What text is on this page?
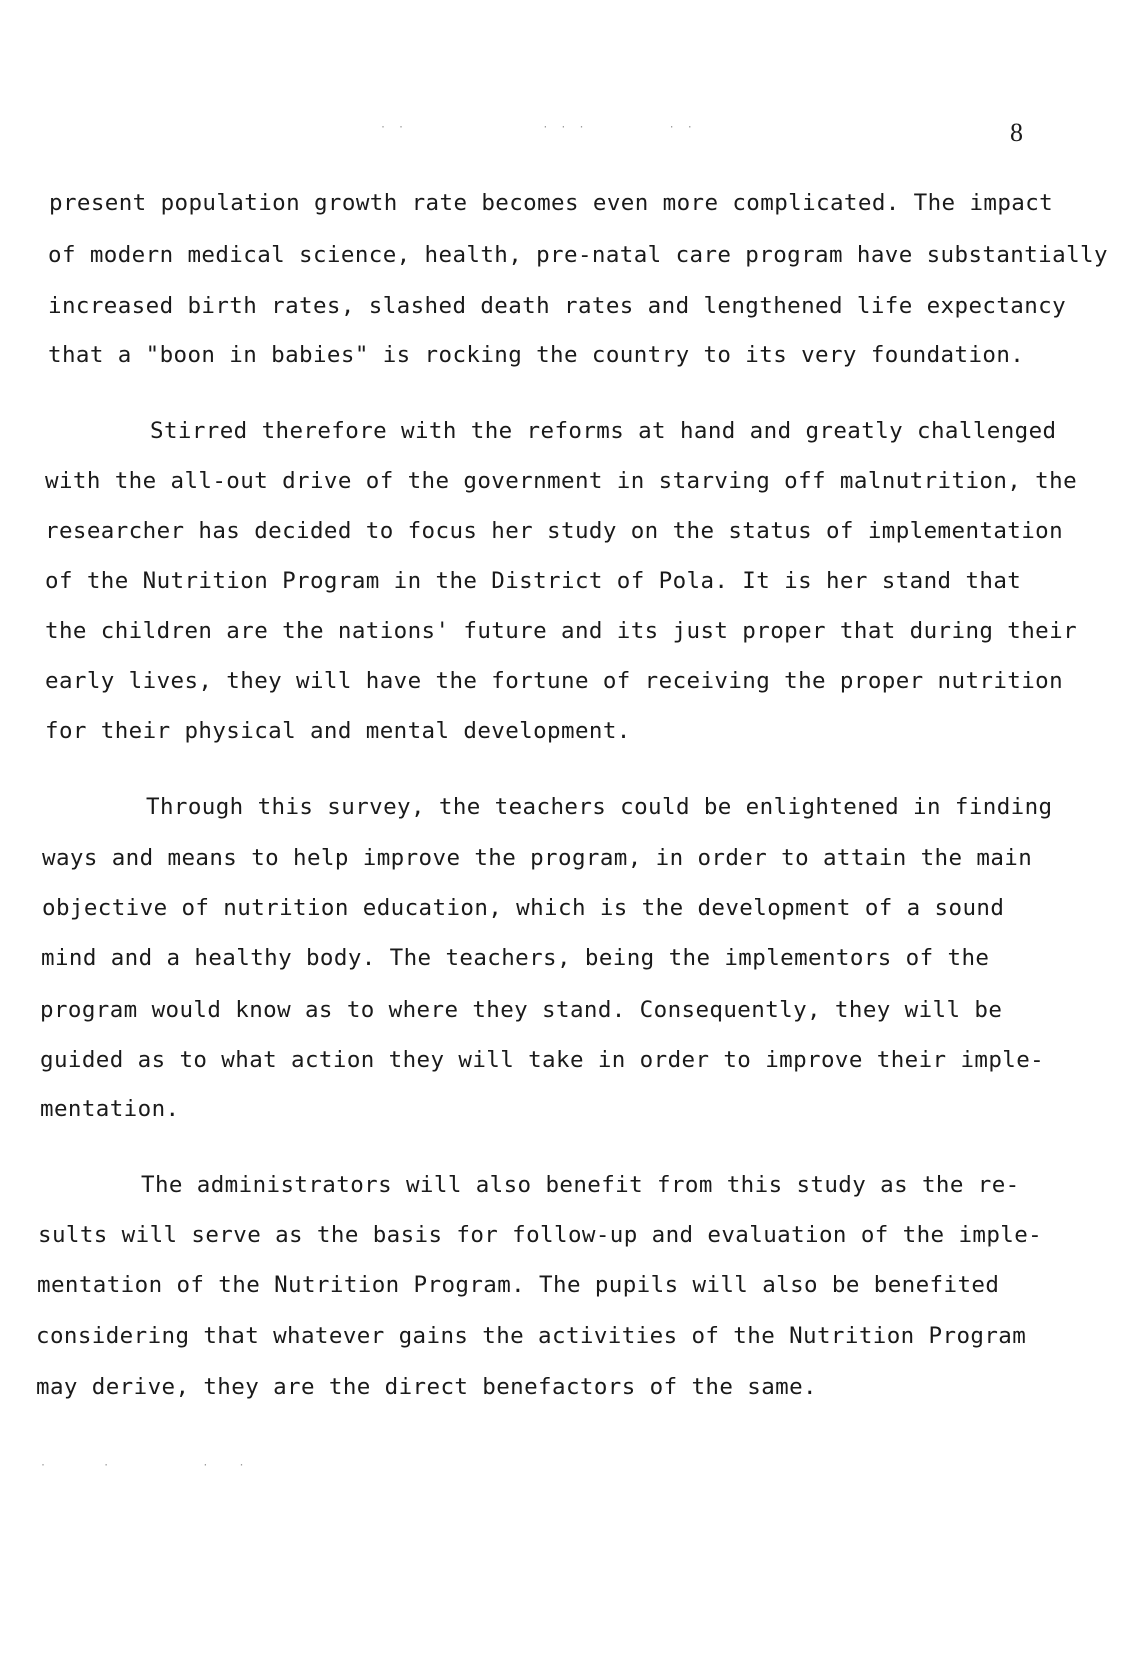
· ·               · · ·         · ·
·      ·          ·   ·
8
present population growth rate becomes even more complicated. The impact
of modern medical science, health, pre-natal care program have substantially
increased birth rates, slashed death rates and lengthened life expectancy
that a "boon in babies" is rocking the country to its very foundation.
Stirred therefore with the reforms at hand and greatly challenged
with the all-out drive of the government in starving off malnutrition, the
researcher has decided to focus her study on the status of implementation
of the Nutrition Program in the District of Pola. It is her stand that
the children are the nations' future and its just proper that during their
early lives, they will have the fortune of receiving the proper nutrition
for their physical and mental development.
Through this survey, the teachers could be enlightened in finding
ways and means to help improve the program, in order to attain the main
objective of nutrition education, which is the development of a sound
mind and a healthy body. The teachers, being the implementors of the
program would know as to where they stand. Consequently, they will be
guided as to what action they will take in order to improve their imple-
mentation.
The administrators will also benefit from this study as the re-
sults will serve as the basis for follow-up and evaluation of the imple-
mentation of the Nutrition Program. The pupils will also be benefited
considering that whatever gains the activities of the Nutrition Program
may derive, they are the direct benefactors of the same.
